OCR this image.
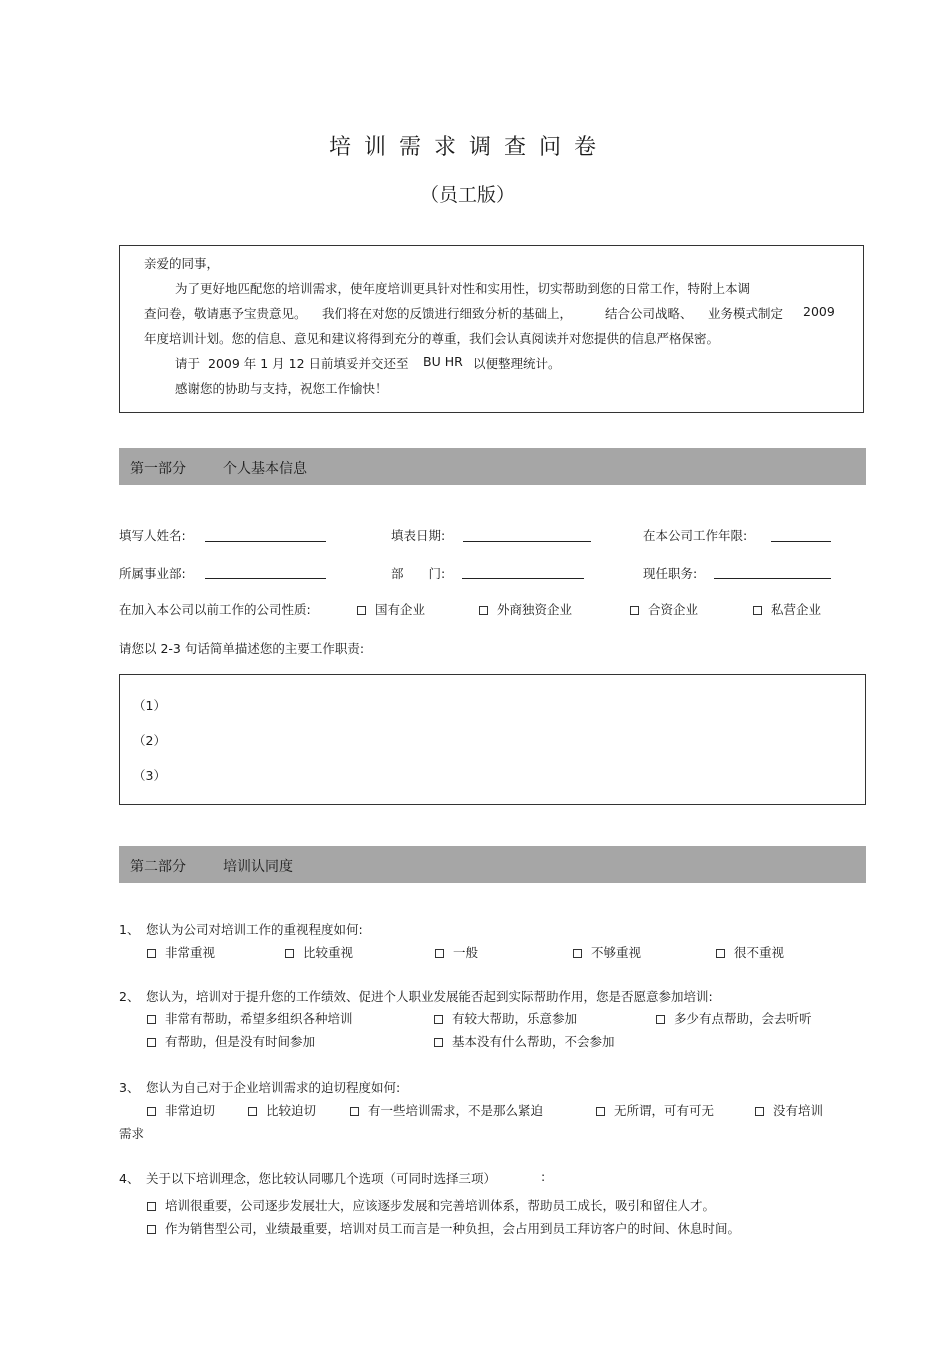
培训需求调查问卷
（员工版）
亲爱的同事，
为了更好地匹配您的培训需求，使年度培训更具针对性和实用性，切实帮助到您的日常工作，特附上本调
查问卷，敬请惠予宝贵意见。 我们将在对您的反馈进行细致分析的基础上，	结合公司战略、 业务模式制定 2009
年度培训计划。您的信息、意见和建议将得到充分的尊重，我们会认真阅读并对您提供的信息严格保密。
请于 2009 年 1 月 12 日前填妥并交还至 BU HR 以便整理统计。
感谢您的协助与支持，祝您工作愉快！
第一部分	个人基本信息
填写人姓名:	填表日期:	在本公司工作年限:
所属事业部:	部　　门:	现任职务:
在加入本公司以前工作的公司性质:	国有企业	外商独资企业	合资企业	私营企业
请您以 2-3 句话简单描述您的主要工作职责:
（1）
（2）
（3）
第二部分	培训认同度
1、 您认为公司对培训工作的重视程度如何:
非常重视	比较重视	一般	不够重视	很不重视
2、 您认为，培训对于提升您的工作绩效、促进个人职业发展能否起到实际帮助作用，您是否愿意参加培训:
非常有帮助，希望多组织各种培训	有较大帮助，乐意参加	多少有点帮助，会去听听
有帮助，但是没有时间参加	基本没有什么帮助，不会参加
3、 您认为自己对于企业培训需求的迫切程度如何:
非常迫切	比较迫切	有一些培训需求，不是那么紧迫	无所谓，可有可无	没有培训
需求
4、 关于以下培训理念，您比较认同哪几个选项（可同时选择三项）	:
培训很重要，公司逐步发展壮大，应该逐步发展和完善培训体系，帮助员工成长，吸引和留住人才。
作为销售型公司，业绩最重要，培训对员工而言是一种负担，会占用到员工拜访客户的时间、休息时间。
